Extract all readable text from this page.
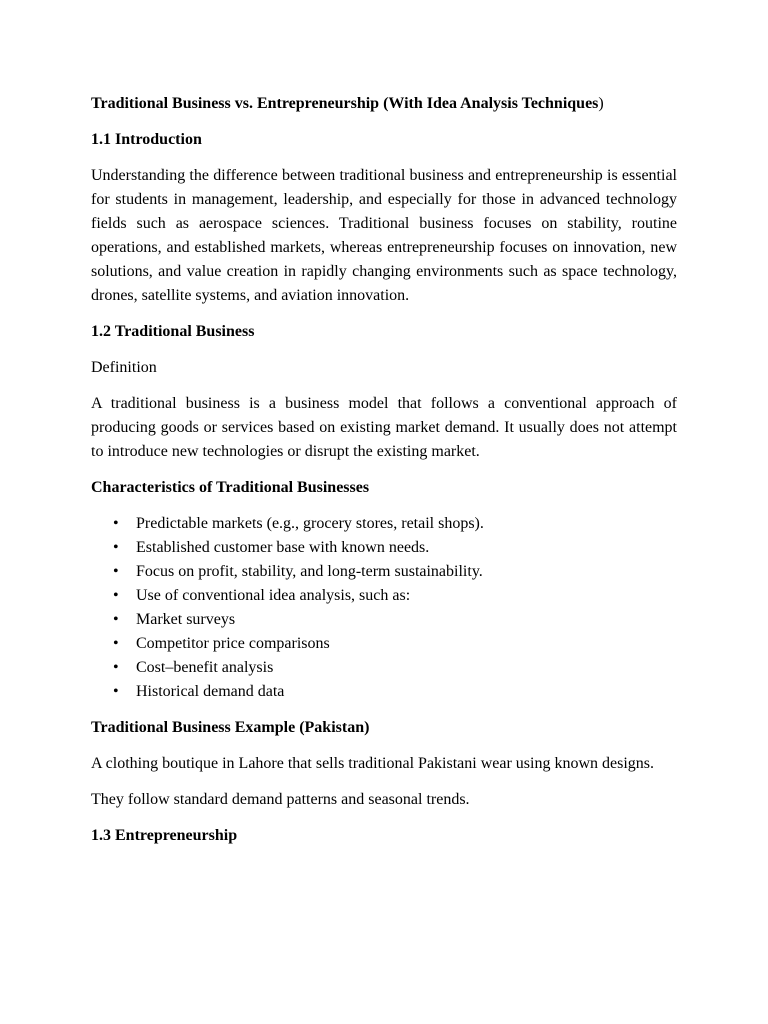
Traditional Business vs. Entrepreneurship (With Idea Analysis Techniques)

1.1 Introduction

Understanding the difference between traditional business and entrepreneurship is essential for students in management, leadership, and especially for those in advanced technology fields such as aerospace sciences. Traditional business focuses on stability, routine operations, and established markets, whereas entrepreneurship focuses on innovation, new solutions, and value creation in rapidly changing environments such as space technology, drones, satellite systems, and aviation innovation.

1.2 Traditional Business

Definition

A traditional business is a business model that follows a conventional approach of producing goods or services based on existing market demand. It usually does not attempt to introduce new technologies or disrupt the existing market.

Characteristics of Traditional Businesses

• Predictable markets (e.g., grocery stores, retail shops).
• Established customer base with known needs.
• Focus on profit, stability, and long-term sustainability.
• Use of conventional idea analysis, such as:
• Market surveys
• Competitor price comparisons
• Cost–benefit analysis
• Historical demand data

Traditional Business Example (Pakistan)

A clothing boutique in Lahore that sells traditional Pakistani wear using known designs.

They follow standard demand patterns and seasonal trends.

1.3 Entrepreneurship
